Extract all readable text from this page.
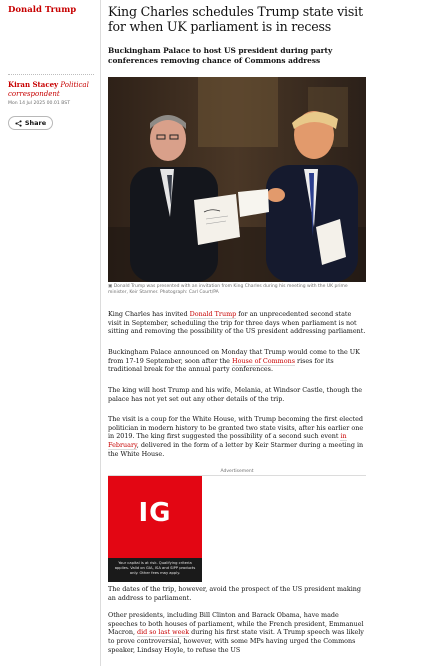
Donald Trump
Kiran Stacey Political correspondent
Mon 14 Jul 2025 00.01 BST
Share
King Charles schedules Trump state visit for when UK parliament is in recess
Buckingham Palace to host US president during party conferences removing chance of Commons address
▣ Donald Trump was presented with an invitation from King Charles during his meeting with the UK prime minister, Keir Starmer. Photograph: Carl Court/PA

King Charles has invited Donald Trump for an unprecedented second state visit in September, scheduling the trip for three days when parliament is not sitting and removing the possibility of the US president addressing parliament.

Buckingham Palace announced on Monday that Trump would come to the UK from 17-19 September, soon after the House of Commons rises for its traditional break for the annual party conferences.

The king will host Trump and his wife, Melania, at Windsor Castle, though the palace has not yet set out any other details of the trip.

The visit is a coup for the White House, with Trump becoming the first elected politician in modern history to be granted two state visits, after his earlier one in 2019. The king first suggested the possibility of a second such event in February, delivered in the form of a letter by Keir Starmer during a meeting in the White House.

Advertisement
IG
Your capital is at risk. Qualifying criteria applies. Valid on GIA, ISA and SIPP products only. Other fees may apply.

The dates of the trip, however, avoid the prospect of the US president making an address to parliament.

Other presidents, including Bill Clinton and Barack Obama, have made speeches to both houses of parliament, while the French president, Emmanuel Macron, did so last week during his first state visit. A Trump speech was likely to prove controversial, however, with some MPs having urged the Commons speaker, Lindsay Hoyle, to refuse the US
